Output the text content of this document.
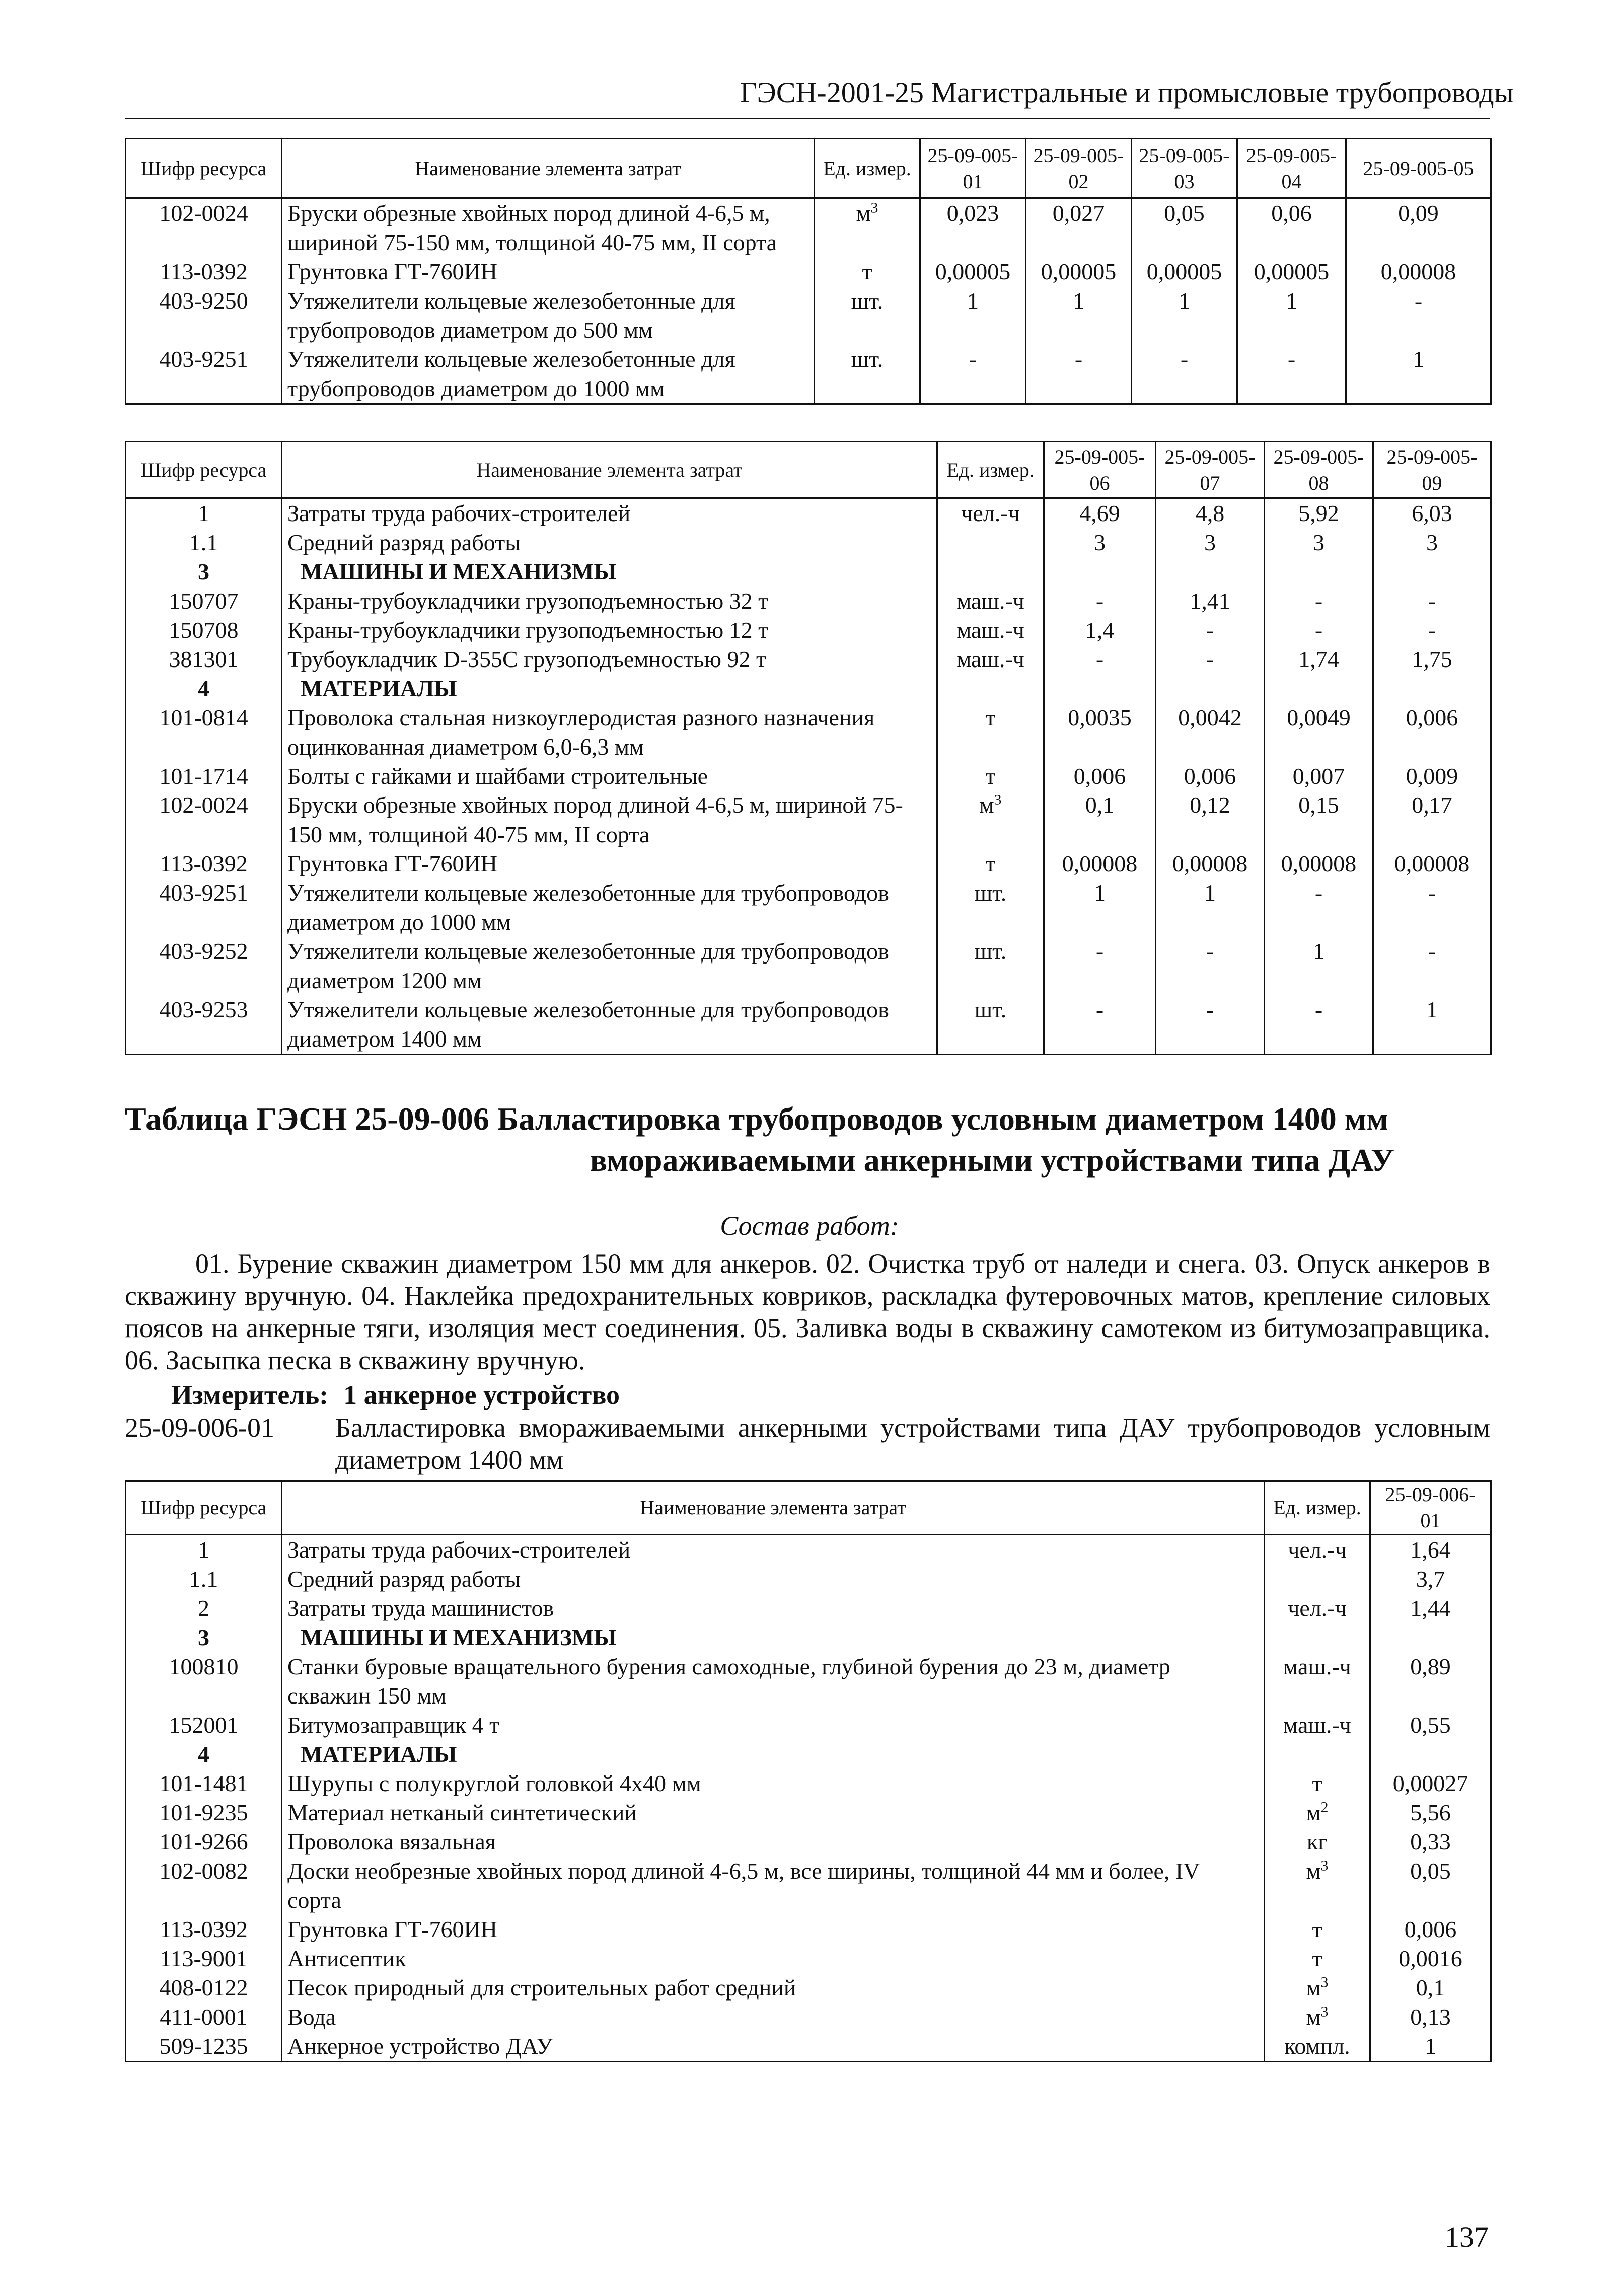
ГЭСН-2001-25 Магистральные и промысловые трубопроводы
Шифр ресурса	Наименование элемента затрат	Ед. измер.	25-09-005-01	25-09-005-02	25-09-005-03	25-09-005-04	25-09-005-05
102-0024	Бруски обрезные хвойных пород длиной 4-6,5 м, шириной 75-150 мм, толщиной 40-75 мм, II сорта	$м^3$	0,023	0,027	0,05	0,06	0,09
113-0392	Грунтовка ГТ-760ИН	т	0,00005	0,00005	0,00005	0,00005	0,00008
403-9250	Утяжелители кольцевые железобетонные для трубопроводов диаметром до 500 мм	шт.	1	1	1	1	-
403-9251	Утяжелители кольцевые железобетонные для трубопроводов диаметром до 1000 мм	шт.	-	-	-	-	1
Шифр ресурса	Наименование элемента затрат	Ед. измер.	25-09-005-06	25-09-005-07	25-09-005-08	25-09-005-09
1	Затраты труда рабочих-строителей	чел.-ч	4,69	4,8	5,92	6,03
1.1	Средний разряд работы		3	3	3	3
3	МАШИНЫ И МЕХАНИЗМЫ					
150707	Краны-трубоукладчики грузоподъемностью 32 т	маш.-ч	-	1,41	-	-
150708	Краны-трубоукладчики грузоподъемностью 12 т	маш.-ч	1,4	-	-	-
381301	Трубоукладчик D-355С грузоподъемностью 92 т	маш.-ч	-	-	1,74	1,75
4	МАТЕРИАЛЫ					
101-0814	Проволока стальная низкоуглеродистая разного назначения оцинкованная диаметром 6,0-6,3 мм	т	0,0035	0,0042	0,0049	0,006
101-1714	Болты с гайками и шайбами строительные	т	0,006	0,006	0,007	0,009
102-0024	Бруски обрезные хвойных пород длиной 4-6,5 м, шириной 75-150 мм, толщиной 40-75 мм, II сорта	$м^3$	0,1	0,12	0,15	0,17
113-0392	Грунтовка ГТ-760ИН	т	0,00008	0,00008	0,00008	0,00008
403-9251	Утяжелители кольцевые железобетонные для трубопроводов диаметром до 1000 мм	шт.	1	1	-	-
403-9252	Утяжелители кольцевые железобетонные для трубопроводов диаметром 1200 мм	шт.	-	-	1	-
403-9253	Утяжелители кольцевые железобетонные для трубопроводов диаметром 1400 мм	шт.	-	-	-	1
Таблица ГЭСН 25-09-006 Балластировка трубопроводов условным диаметром 1400 мм
вмораживаемыми анкерными устройствами типа ДАУ
Состав работ:
01. Бурение скважин диаметром 150 мм для анкеров. 02. Очистка труб от наледи и снега. 03. Опуск анкеров в скважину вручную. 04. Наклейка предохранительных ковриков, раскладка футеровочных матов, крепление силовых поясов на анкерные тяги, изоляция мест соединения. 05. Заливка воды в скважину самотеком из битумозаправщика. 06. Засыпка песка в скважину вручную.
Измеритель: 1 анкерное устройство
25-09-006-01 Балластировка вмораживаемыми анкерными устройствами типа ДАУ трубопроводов условным диаметром 1400 мм
Шифр ресурса	Наименование элемента затрат	Ед. измер.	25-09-006-01
1	Затраты труда рабочих-строителей	чел.-ч	1,64
1.1	Средний разряд работы		3,7
2	Затраты труда машинистов	чел.-ч	1,44
3	МАШИНЫ И МЕХАНИЗМЫ		
100810	Станки буровые вращательного бурения самоходные, глубиной бурения до 23 м, диаметр скважин 150 мм	маш.-ч	0,89
152001	Битумозаправщик 4 т	маш.-ч	0,55
4	МАТЕРИАЛЫ		
101-1481	Шурупы с полукруглой головкой 4х40 мм	т	0,00027
101-9235	Материал нетканый синтетический	$м^2$	5,56
101-9266	Проволока вязальная	кг	0,33
102-0082	Доски необрезные хвойных пород длиной 4-6,5 м, все ширины, толщиной 44 мм и более, IV сорта	$м^3$	0,05
113-0392	Грунтовка ГТ-760ИН	т	0,006
113-9001	Антисептик	т	0,0016
408-0122	Песок природный для строительных работ средний	$м^3$	0,1
411-0001	Вода	$м^3$	0,13
509-1235	Анкерное устройство ДАУ	компл.	1
137
